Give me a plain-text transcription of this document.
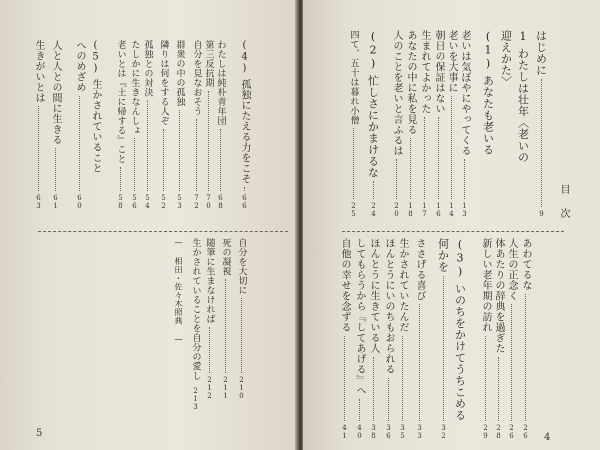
5
(4)
孤独にたえる力をこそ
66
わたしは純朴青年団
68
第三反抗期
70
自分を見なおそう
72
群衆の中の孤独
53
隣りは何をする人ぞ
52
孤独との対決
54
たしかに生きなんしょ
56
老いとは『土に帰する』こと
58
(5)
生かされていること
へのめざめ
60
人と人との間に生きる
61
生きがいとは
63
自分を大切に
210
死の凝視
211
随筆に生まなければ
212
生かされていることを自分の愛し
213
— 相田・佐々木照典 —
目次
4
はじめに
9
1
わたしは壮年〈老いの
迎えかた〉
(1)
あなたも老いる
老いは気ぼやにやってくる
13
老いを大事に
14
朝日の保証はない
16
生まれてよかった
17
あなたの中に私を見る
18
人のことを老いと言ふるは
20
(2)
忙しさにかまけるな
24
四て、五十は暮れ小僧
25
あわてるな
26
人生の正念く
26
体あたりの辞典を過ぎた
28
新しい老年期の訪れ
29
(3)
いのちをかけてうちこめる
何かを
32
ささげる喜び
33
生かされていたんだ
35
ほんとうにいのちもおられる
36
ほんとうに生きている人
38
してもらうから『してあげる』へ
40
自他の幸せを念ずる
41
